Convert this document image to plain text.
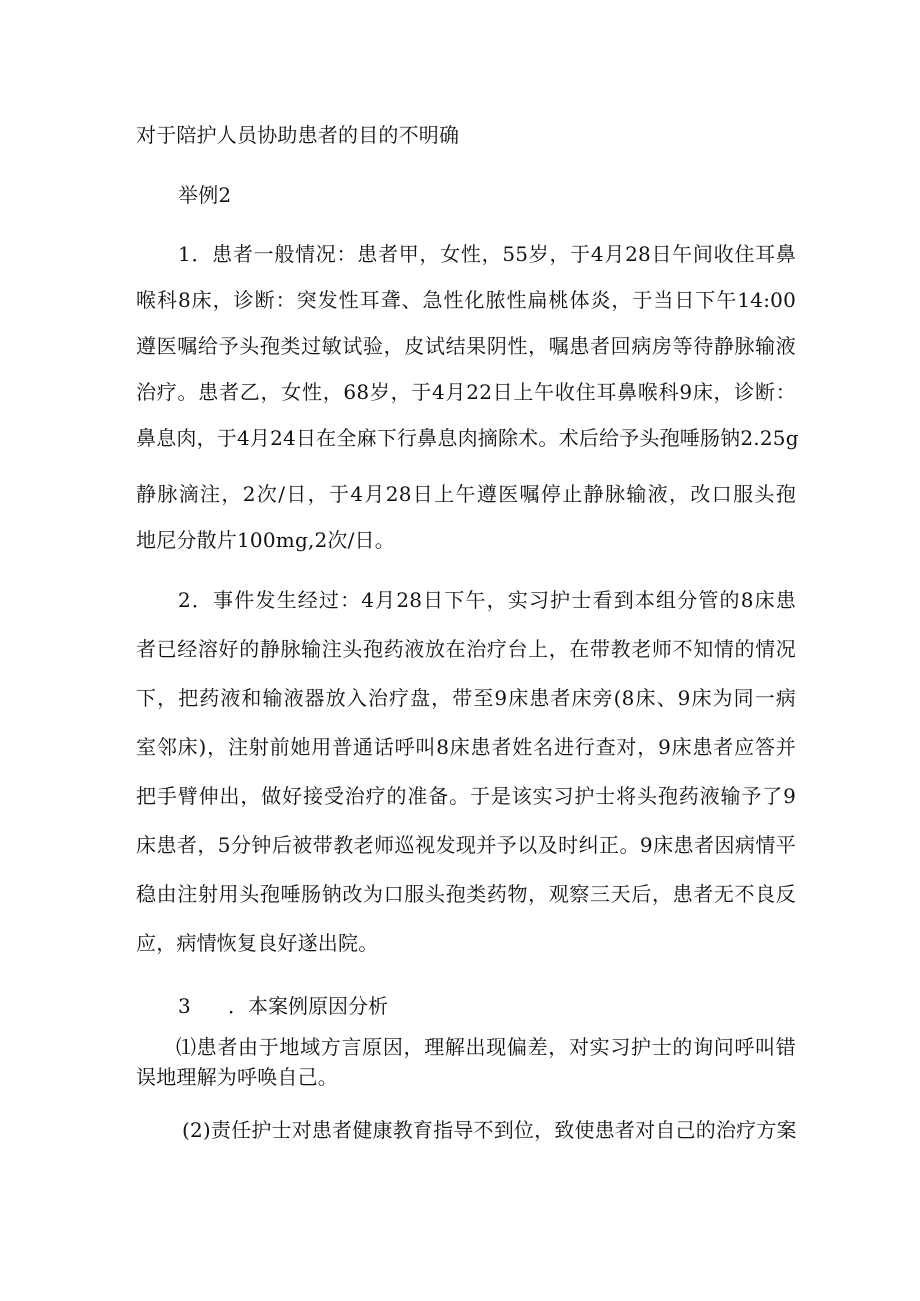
对于陪护人员协助患者的目的不明确
举例2
1．患者一般情况：患者甲，女性，55岁，于4月28日午间收住耳鼻
喉科8床，诊断：突发性耳聋、急性化脓性扁桃体炎，于当日下午14:00
遵医嘱给予头孢类过敏试验，皮试结果阴性，嘱患者回病房等待静脉输液
治疗。患者乙，女性，68岁，于4月22日上午收住耳鼻喉科9床，诊断：
鼻息肉，于4月24日在全麻下行鼻息肉摘除术。术后给予头孢唾肠钠2.25g
静脉滴注，2次/日，于4月28日上午遵医嘱停止静脉输液，改口服头孢
地尼分散片100mg,2次/日。
2．事件发生经过：4月28日下午，实习护士看到本组分管的8床患
者已经溶好的静脉输注头孢药液放在治疗台上，在带教老师不知情的情况
下，把药液和输液器放入治疗盘，带至9床患者床旁(8床、9床为同一病
室邻床)，注射前她用普通话呼叫8床患者姓名进行查对，9床患者应答并
把手臂伸出，做好接受治疗的准备。于是该实习护士将头孢药液输予了9
床患者，5分钟后被带教老师巡视发现并予以及时纠正。9床患者因病情平
稳由注射用头孢唾肠钠改为口服头孢类药物，观察三天后，患者无不良反
应，病情恢复良好遂出院。
3 ．本案例原因分析
⑴患者由于地域方言原因，理解出现偏差，对实习护士的询问呼叫错
误地理解为呼唤自己。
(2)责任护士对患者健康教育指导不到位，致使患者对自己的治疗方案
